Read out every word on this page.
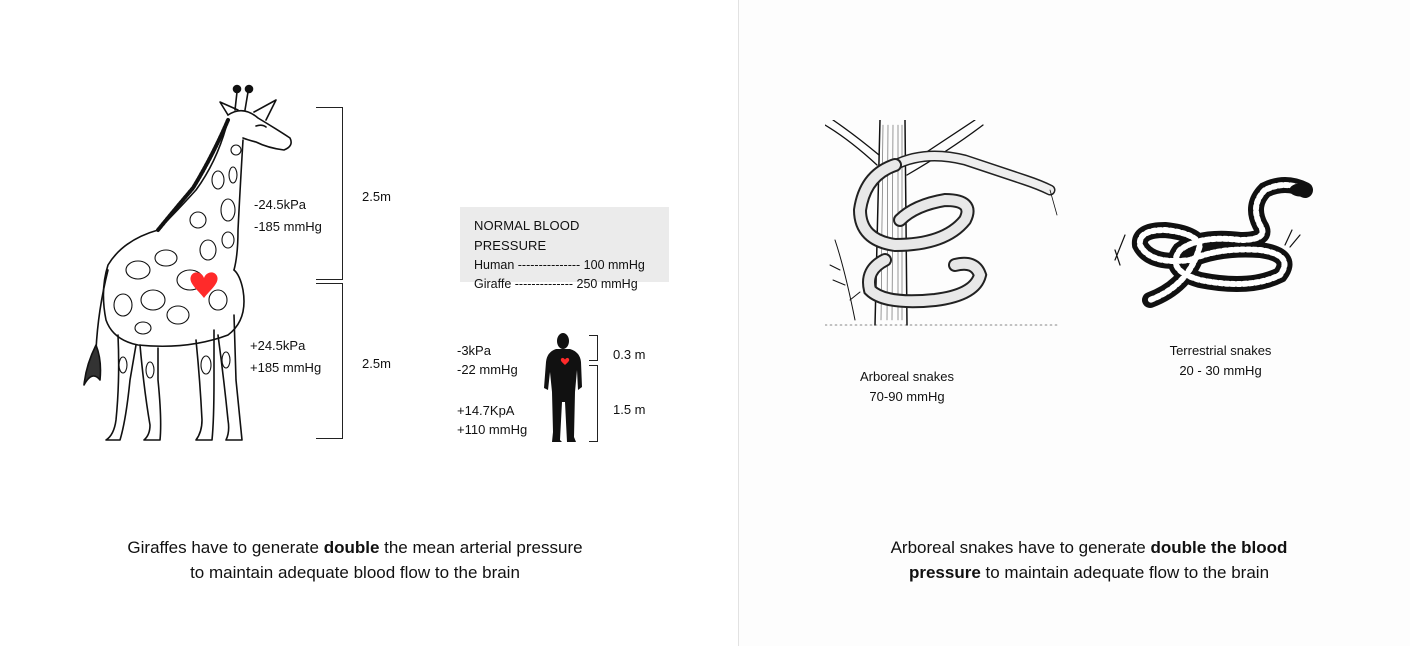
-24.5kPa
-185 mmHg
+24.5kPa
+185 mmHg
2.5m
2.5m
NORMAL BLOOD PRESSURE
Human --------------- 100 mmHg
Giraffe -------------- 250 mmHg
-3kPa
-22 mmHg
+14.7KpA
+110 mmHg
0.3 m
1.5 m
Giraffes have to generate double the mean arterial pressure to maintain adequate blood flow to the brain
Arboreal snakes
70-90 mmHg
Terrestrial snakes
20 - 30 mmHg
Arboreal snakes have to generate double the blood pressure to maintain adequate flow to the brain
